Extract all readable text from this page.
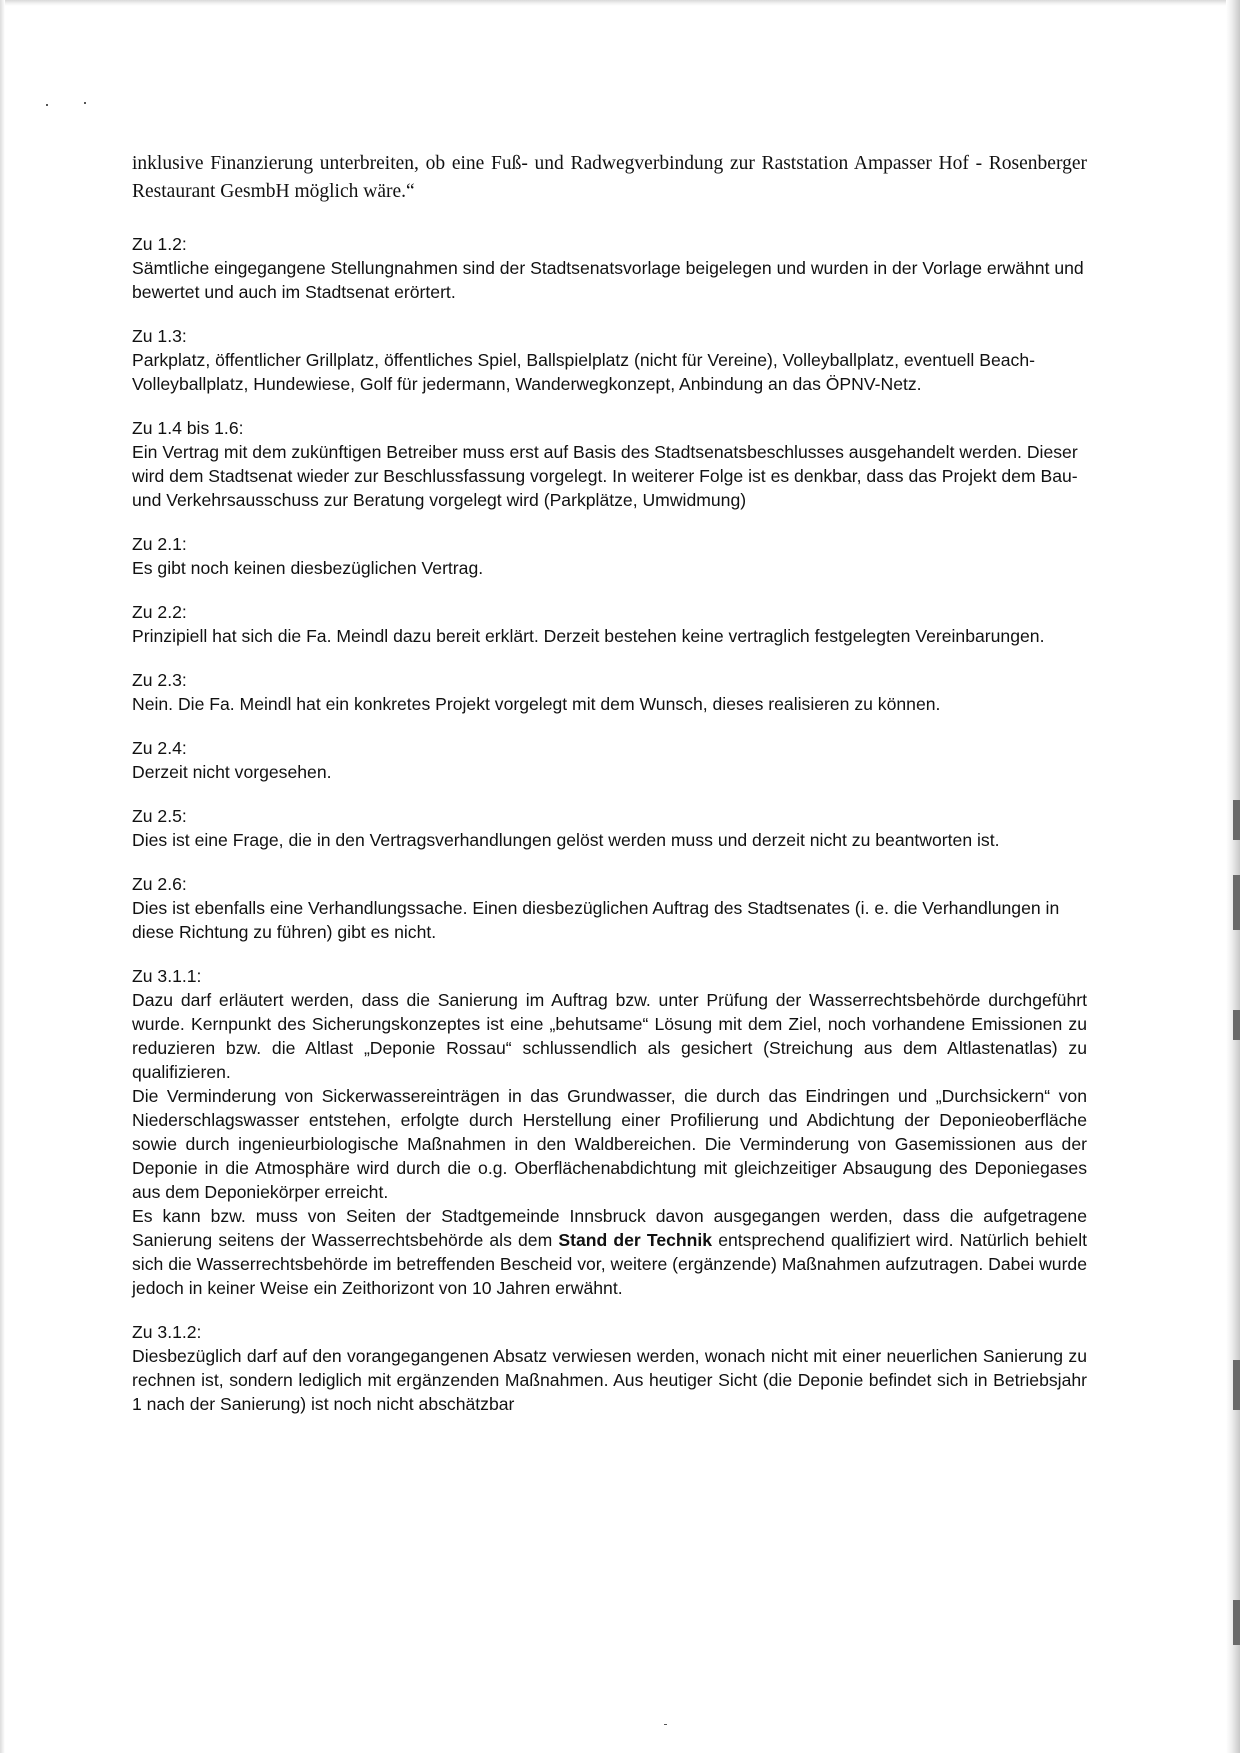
inklusive Finanzierung unterbreiten, ob eine Fuß- und Radwegverbindung zur Raststation Ampasser Hof - Rosenberger Restaurant GesmbH möglich wäre.“

Zu 1.2:

Sämtliche eingegangene Stellungnahmen sind der Stadtsenatsvorlage beigelegen und wurden in der Vorlage erwähnt und bewertet und auch im Stadtsenat erörtert.

Zu 1.3:

Parkplatz, öffentlicher Grillplatz, öffentliches Spiel, Ballspielplatz (nicht für Vereine), Volleyballplatz, eventuell Beach-Volleyballplatz, Hundewiese, Golf für jedermann, Wanderwegkonzept, Anbindung an das ÖPNV-Netz.

Zu 1.4 bis 1.6:

Ein Vertrag mit dem zukünftigen Betreiber muss erst auf Basis des Stadtsenatsbeschlusses ausgehandelt werden. Dieser wird dem Stadtsenat wieder zur Beschlussfassung vorgelegt. In weiterer Folge ist es denkbar, dass das Projekt dem Bau- und Verkehrsausschuss zur Beratung vorgelegt wird (Parkplätze, Umwidmung)

Zu 2.1:

Es gibt noch keinen diesbezüglichen Vertrag.

Zu 2.2:

Prinzipiell hat sich die Fa. Meindl dazu bereit erklärt. Derzeit bestehen keine vertraglich festgelegten Vereinbarungen.

Zu 2.3:

Nein. Die Fa. Meindl hat ein konkretes Projekt vorgelegt mit dem Wunsch, dieses realisieren zu können.

Zu 2.4:

Derzeit nicht vorgesehen.

Zu 2.5:

Dies ist eine Frage, die in den Vertragsverhandlungen gelöst werden muss und derzeit nicht zu beantworten ist.

Zu 2.6:

Dies ist ebenfalls eine Verhandlungssache. Einen diesbezüglichen Auftrag des Stadtsenates (i. e. die Verhandlungen in diese Richtung zu führen) gibt es nicht.

Zu 3.1.1:

Dazu darf erläutert werden, dass die Sanierung im Auftrag bzw. unter Prüfung der Wasserrechtsbehörde durchgeführt wurde. Kernpunkt des Sicherungskonzeptes ist eine „behutsame“ Lösung mit dem Ziel, noch vorhandene Emissionen zu reduzieren bzw. die Altlast „Deponie Rossau“ schlussendlich als gesichert (Streichung aus dem Altlastenatlas) zu qualifizieren.

Die Verminderung von Sickerwassereinträgen in das Grundwasser, die durch das Eindringen und „Durchsickern“ von Niederschlagswasser entstehen, erfolgte durch Herstellung einer Profilierung und Abdichtung der Deponieoberfläche sowie durch ingenieurbiologische Maßnahmen in den Waldbereichen. Die Verminderung von Gasemissionen aus der Deponie in die Atmosphäre wird durch die o.g. Oberflächenabdichtung mit gleichzeitiger Absaugung des Deponiegases aus dem Deponiekörper erreicht.

Es kann bzw. muss von Seiten der Stadtgemeinde Innsbruck davon ausgegangen werden, dass die aufgetragene Sanierung seitens der Wasserrechtsbehörde als dem Stand der Technik entsprechend qualifiziert wird. Natürlich behielt sich die Wasserrechtsbehörde im betreffenden Bescheid vor, weitere (ergänzende) Maßnahmen aufzutragen. Dabei wurde jedoch in keiner Weise ein Zeithorizont von 10 Jahren erwähnt.

Zu 3.1.2:

Diesbezüglich darf auf den vorangegangenen Absatz verwiesen werden, wonach nicht mit einer neuerlichen Sanierung zu rechnen ist, sondern lediglich mit ergänzenden Maßnahmen. Aus heutiger Sicht (die Deponie befindet sich in Betriebsjahr 1 nach der Sanierung) ist noch nicht abschätzbar
